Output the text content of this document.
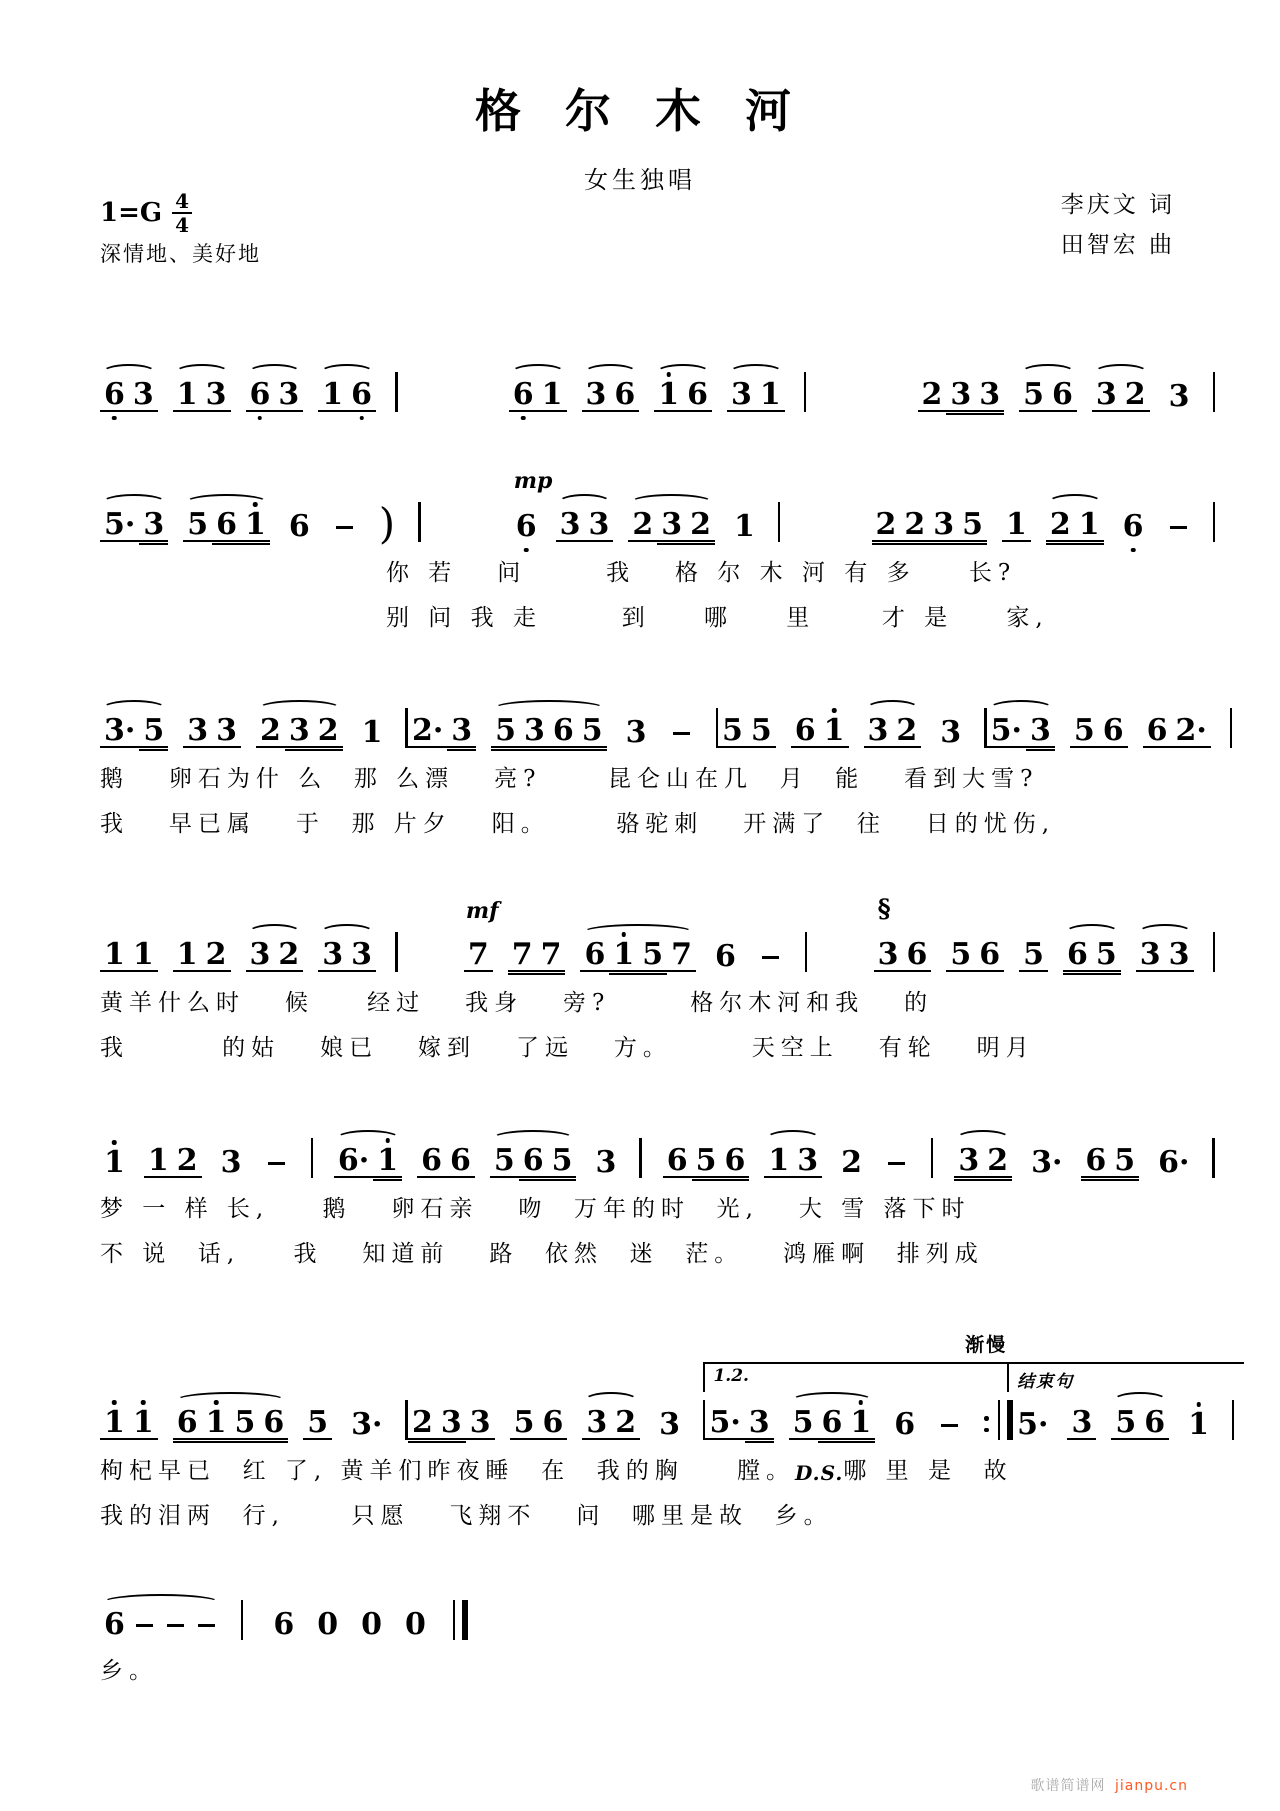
格 尔 木 河
女生独唱
1=G 4
4
深情地、美好地
李庆文 词
田智宏 曲
6 3 1 3 6 3 1 6	6 1 3 6 1 6 3 1	2 3 3 5 6 3 2 3
5· 3 5 6 1 6 )
mp
6 3 3 2 3 2 1	2 2 3 5 1 2 1 6
你 若   问      我   格 尔 木 河 有 多    长?
别 问 我 走      到    哪    里     才 是    家,
3· 5 3 3 2 3 2 1 2· 3 5 3 6 5 3	5 5 6 1 3 2 3 5· 3 5 6 6 2·
鹅   卵石为什 么  那 么漂   亮?     昆仑山在几  月  能   看到大雪?
我   早已属   于  那 片夕   阳。     骆驼刺   开满了  往   日的忧伤,
1 1 1 2 3 2 3 3
mf
7 7 7 6 1 5 7 6
§
3 6 5 6 5 6 5 3 3
黄羊什么时   候    经过   我身   旁?      格尔木河和我   的
我       的姑   娘已   嫁到   了远   方。      天空上   有轮   明月
1 1 2 3	6· 1 6 6 5 6 5 3 6 5 6 1 3 2	3 2 3· 6 5 6·
梦 一 样 长,    鹅   卵石亲   吻  万年的时  光,   大 雪 落下时
不 说  话,    我   知道前   路  依然  迷  茫。   鸿雁啊  排列成
1 1 6 1 5 6 5 3· 2 3 3 5 6 3 2 3
1.2.
5· 3 5 6 1 6
结束句
渐慢
5· 3 5 6 1
枸杞早已  红 了, 黄羊们昨夜睡  在  我的胸    膛。 D.S. 哪 里 是  故
我的泪两  行,     只愿   飞翔不   问  哪里是故  乡。
6	6 0 0 0
乡。
歌谱简谱网 jianpu.cn
